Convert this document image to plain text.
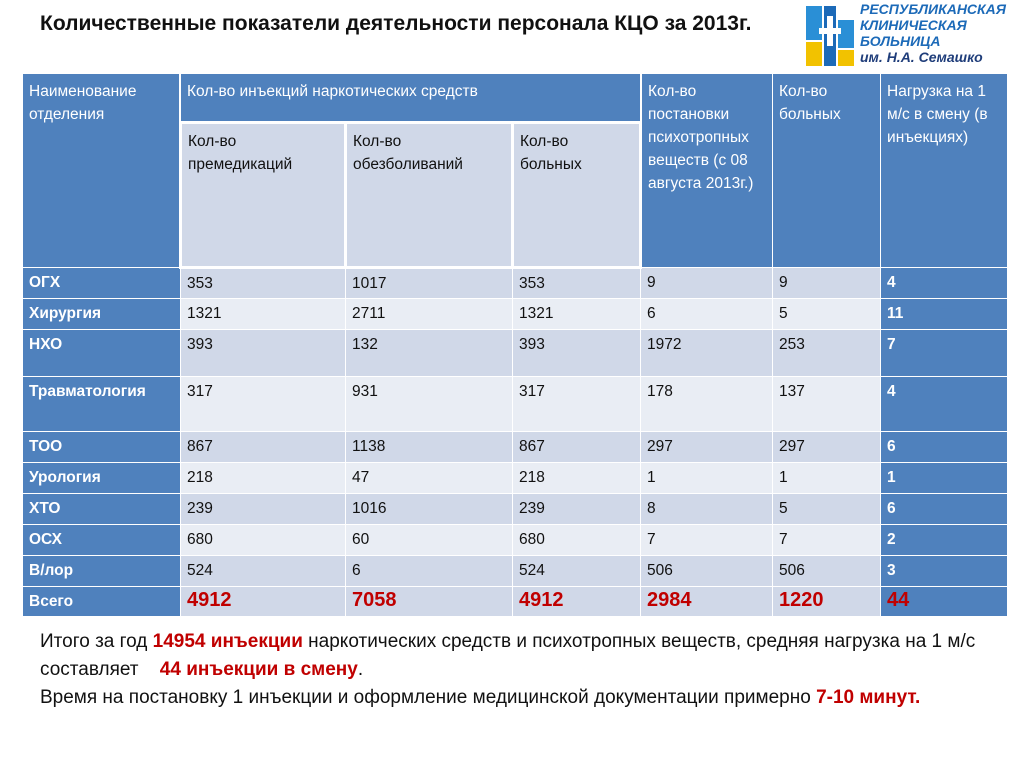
Количественные показатели деятельности персонала КЦО за 2013г.
РЕСПУБЛИКАНСКАЯ
КЛИНИЧЕСКАЯ
БОЛЬНИЦА
им. Н.А. Семашко
Наименование отделения	Кол-во инъекций наркотических средств			Кол-во постановки психотропных веществ (с 08 августа 2013г.)	Кол-во больных	Нагрузка на 1 м/с в смену (в инъекциях)
	Кол-во премедикаций	Кол-во обезболиваний	Кол-во больных			
ОГХ	353	1017	353	9	9	4
Хирургия	1321	2711	1321	6	5	11
НХО	393	132	393	1972	253	7
Травматология	317	931	317	178	137	4
ТОО	867	1138	867	297	297	6
Урология	218	47	218	1	1	1
ХТО	239	1016	239	8	5	6
ОСХ	680	60	680	7	7	2
В/лор	524	6	524	506	506	3
Всего	4912	7058	4912	2984	1220	44
Итого за год 14954 инъекции наркотических средств и психотропных веществ, средняя нагрузка на 1 м/с составляет 44 инъекции в смену.
Время на постановку 1 инъекции и оформление медицинской документации примерно 7-10 минут.
